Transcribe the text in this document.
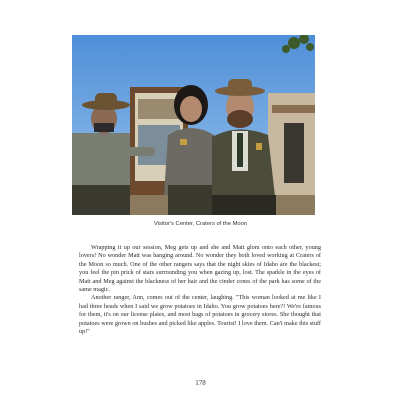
Visitor's Center, Craters of the Moon

Wrapping it up our session, Meg gets up and she and Matt glom onto each other, young lovers! No wonder Matt was hanging around. No wonder they both loved working at Craters of the Moon so much. One of the other rangers says that the night skies of Idaho are the blackest; you feel the pin prick of stars surrounding you when gazing up, lost. The sparkle in the eyes of Matt and Meg against the blackness of her hair and the cinder cones of the park has some of the same magic.

Another ranger, Ann, comes out of the center, laughing. "This woman looked at me like I had three heads when I said we grow potatoes in Idaho. You grow potatoes here?! We're famous for them, it's on our license plates, and most bags of potatoes in grocery stores. She thought that potatoes were grown on bushes and picked like apples. Tourist! I love them. Can't make this stuff up!"

178
